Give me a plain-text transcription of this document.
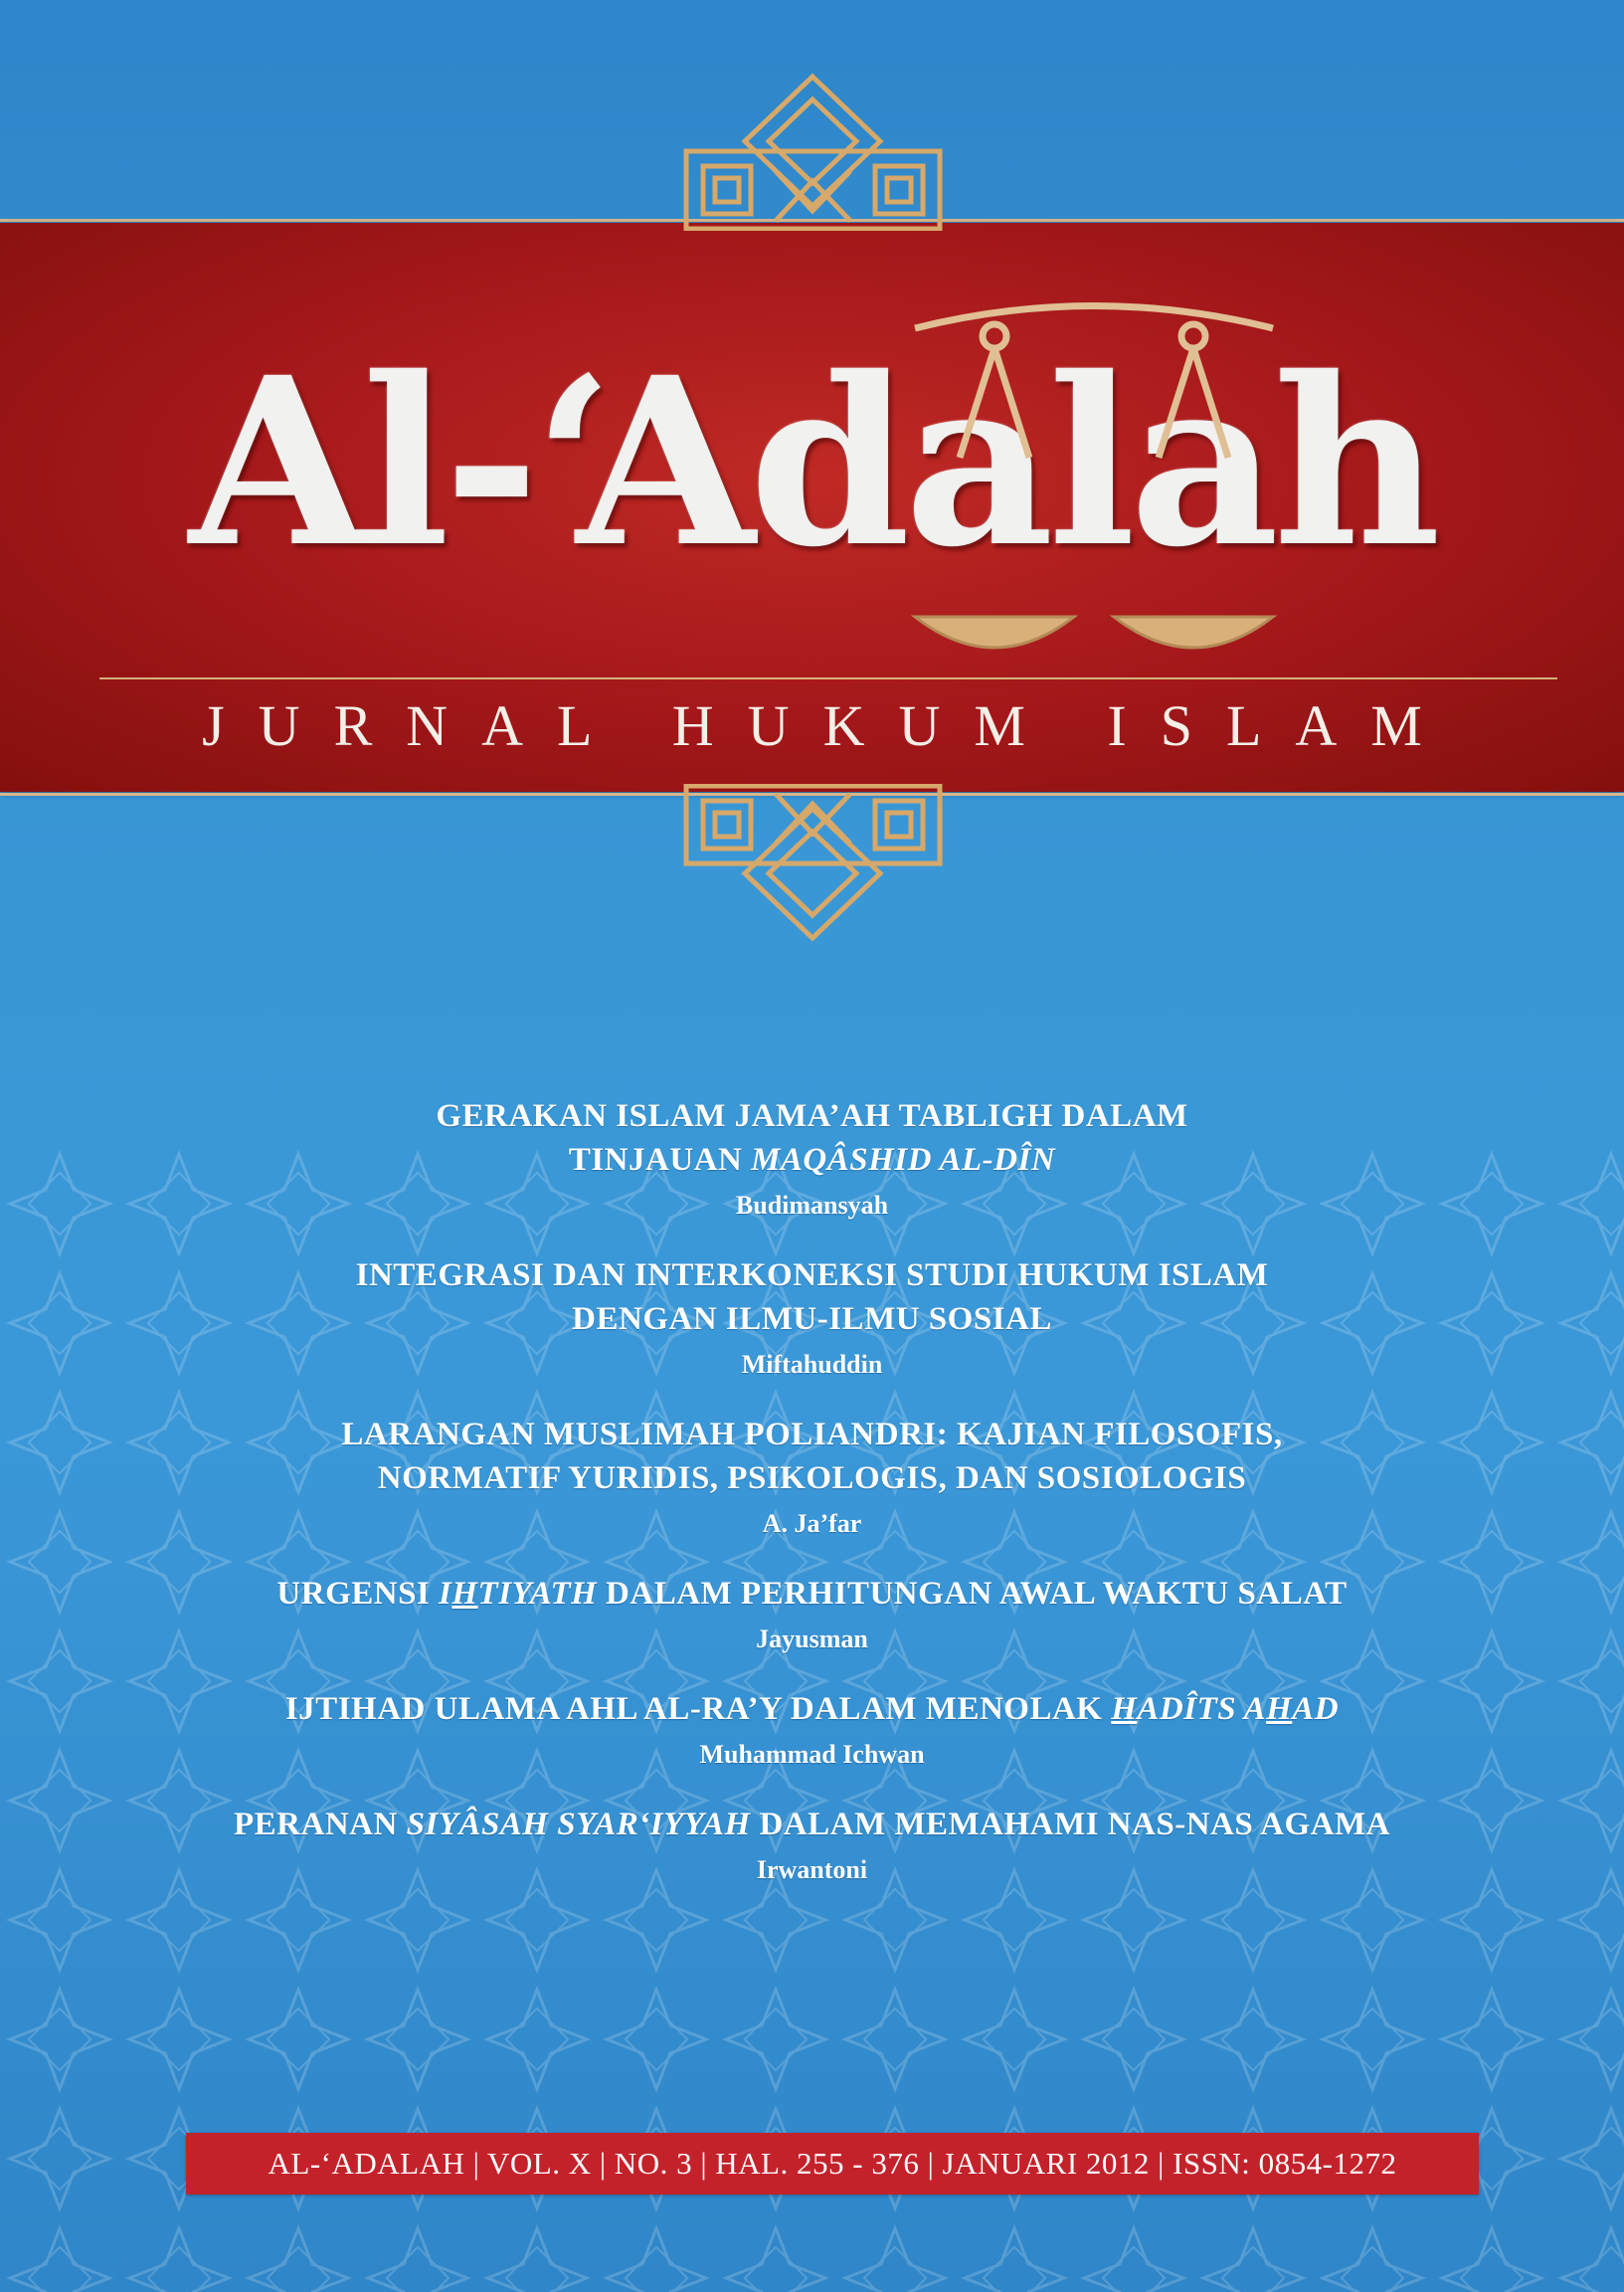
Al-‘Adalah
JURNAL HUKUM ISLAM
GERAKAN ISLAM JAMA’AH TABLIGH DALAM
TINJAUAN MAQÂSHID AL-DÎN
Budimansyah
INTEGRASI DAN INTERKONEKSI STUDI HUKUM ISLAM
DENGAN ILMU-ILMU SOSIAL
Miftahuddin
LARANGAN MUSLIMAH POLIANDRI: KAJIAN FILOSOFIS,
NORMATIF YURIDIS, PSIKOLOGIS, DAN SOSIOLOGIS
A. Ja’far
URGENSI IHTIYATH DALAM PERHITUNGAN AWAL WAKTU SALAT
Jayusman
IJTIHAD ULAMA AHL AL-RA’Y DALAM MENOLAK HADÎTS AHAD
Muhammad Ichwan
PERANAN SIYÂSAH SYAR‘IYYAH DALAM MEMAHAMI NAS-NAS AGAMA
Irwantoni
AL-‘ADALAH | VOL. X | NO. 3 | HAL. 255 - 376 | JANUARI 2012 | ISSN: 0854-1272
